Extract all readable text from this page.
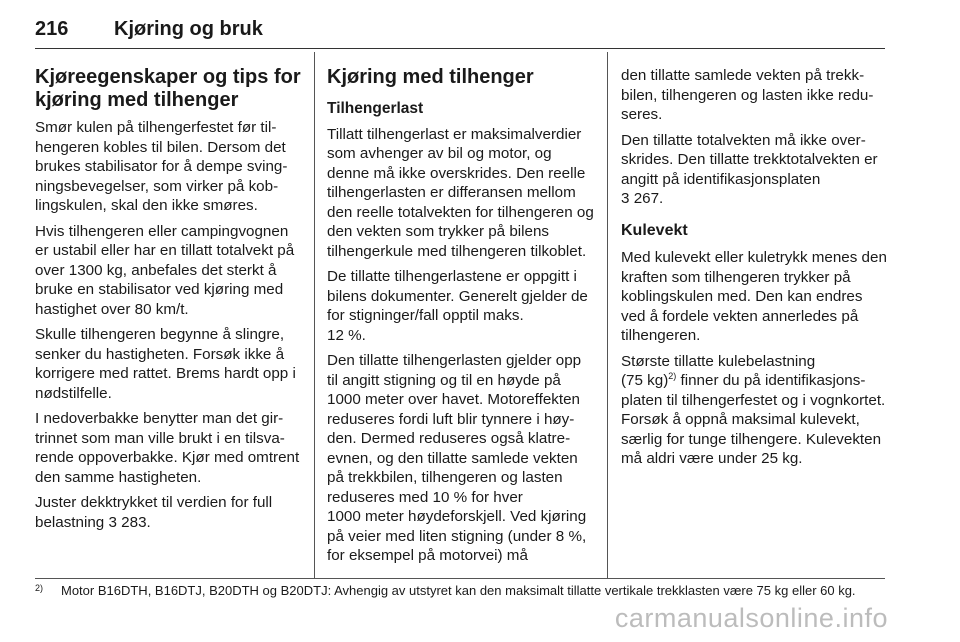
216 Kjøring og bruk
Kjøreegenskaper og tips for kjøring med tilhenger

Smør kulen på tilhengerfestet før tilhengeren kobles til bilen. Dersom det brukes stabilisator for å dempe svingningsbevegelser, som virker på koblingskulen, skal den ikke smøres.

Hvis tilhengeren eller campingvognen er ustabil eller har en tillatt totalvekt på over 1300 kg, anbefales det sterkt å bruke en stabilisator ved kjøring med hastighet over 80 km/t.

Skulle tilhengeren begynne å slingre, senker du hastigheten. Forsøk ikke å korrigere med rattet. Brems hardt opp i nødstilfelle.

I nedoverbakke benytter man det girtrinnet som man ville brukt i en tilsvarende oppoverbakke. Kjør med omtrent den samme hastigheten.

Juster dekktrykket til verdien for full belastning 3 283.

Kjøring med tilhenger
Tilhengerlast

Tillatt tilhengerlast er maksimalverdier som avhenger av bil og motor, og denne må ikke overskrides. Den reelle tilhengerlasten er differansen mellom den reelle totalvekten for tilhengeren og den vekten som trykker på bilens tilhengerkule med tilhengeren tilkoblet.

De tillatte tilhengerlastene er oppgitt i bilens dokumenter. Generelt gjelder de for stigninger/fall opptil maks.

12 %.

Den tillatte tilhengerlasten gjelder opp til angitt stigning og til en høyde på 1000 meter over havet. Motoreffekten reduseres fordi luft blir tynnere i høyden. Dermed reduseres også klatreevnen, og den tillatte samlede vekten på trekkbilen, tilhengeren og lasten reduseres med 10 % for hver

1000 meter høydeforskjell. Ved kjøring på veier med liten stigning (under 8 %, for eksempel på motorvei) må

den tillatte samlede vekten på trekkbilen, tilhengeren og lasten ikke reduseres.

Den tillatte totalvekten må ikke overskrides. Den tillatte trekktotalvekten er angitt på identifikasjonsplaten
3 267.

Kulevekt

Med kulevekt eller kuletrykk menes den kraften som tilhengeren trykker på koblingskulen med. Den kan endres ved å fordele vekten annerledes på tilhengeren.

Største tillatte kulebelastning
(75 kg)$^{2)}$ finner du på identifikasjonsplaten til tilhengerfestet og i vognkortet. Forsøk å oppnå maksimal kulevekt, særlig for tunge tilhengere. Kulevekten må aldri være under 25 kg.

2) Motor B16DTH, B16DTJ, B20DTH og B20DTJ: Avhengig av utstyret kan den maksimalt tillatte vertikale trekklasten være 75 kg eller 60 kg.
carmanualsonline.info
